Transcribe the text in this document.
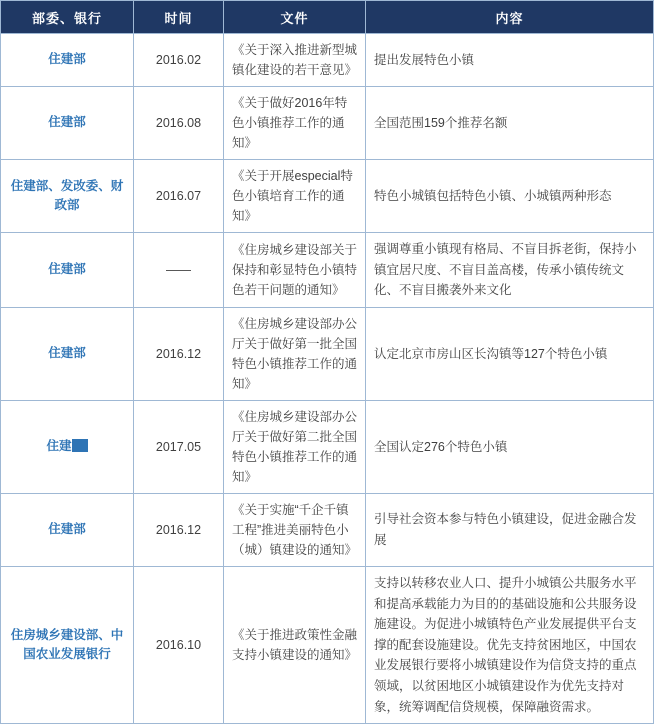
部委、银行	时间	文件	内容
住建部	2016.02	《关于深入推进新型城镇化建设的若干意见》	提出发展特色小镇
住建部	2016.08	《关于做好2016年特色小镇推荐工作的通知》	全国范围159个推荐名额
住建部、发改委、财政部	2016.07	《关于开展especial特色小镇培育工作的通知》	特色小城镇包括特色小镇、小城镇两种形态
住建部	——	《住房城乡建设部关于保持和彰显特色小镇特色若干问题的通知》	强调尊重小镇现有格局、不盲目拆老街，保持小镇宜居尺度、不盲目盖高楼，传承小镇传统文化、不盲目搬袭外来文化
住建部	2016.12	《住房城乡建设部办公厅关于做好第一批全国特色小镇推荐工作的通知》	认定北京市房山区长沟镇等127个特色小镇
住建	2017.05	《住房城乡建设部办公厅关于做好第二批全国特色小镇推荐工作的通知》	全国认定276个特色小镇
住建部	2016.12	《关于实施“千企千镇工程”推进美丽特色小（城）镇建设的通知》	引导社会资本参与特色小镇建设，促进金融合发展
住房城乡建设部、中国农业发展银行	2016.10	《关于推进政策性金融支持小镇建设的通知》	支持以转移农业人口、提升小城镇公共服务水平和提高承载能力为目的的基础设施和公共服务设施建设。为促进小城镇特色产业发展提供平台支撑的配套设施建设。优先支持贫困地区，中国农业发展银行要将小城镇建设作为信贷支持的重点领域，以贫困地区小城镇建设作为优先支持对象，统筹调配信贷规模，保障融资需求。
